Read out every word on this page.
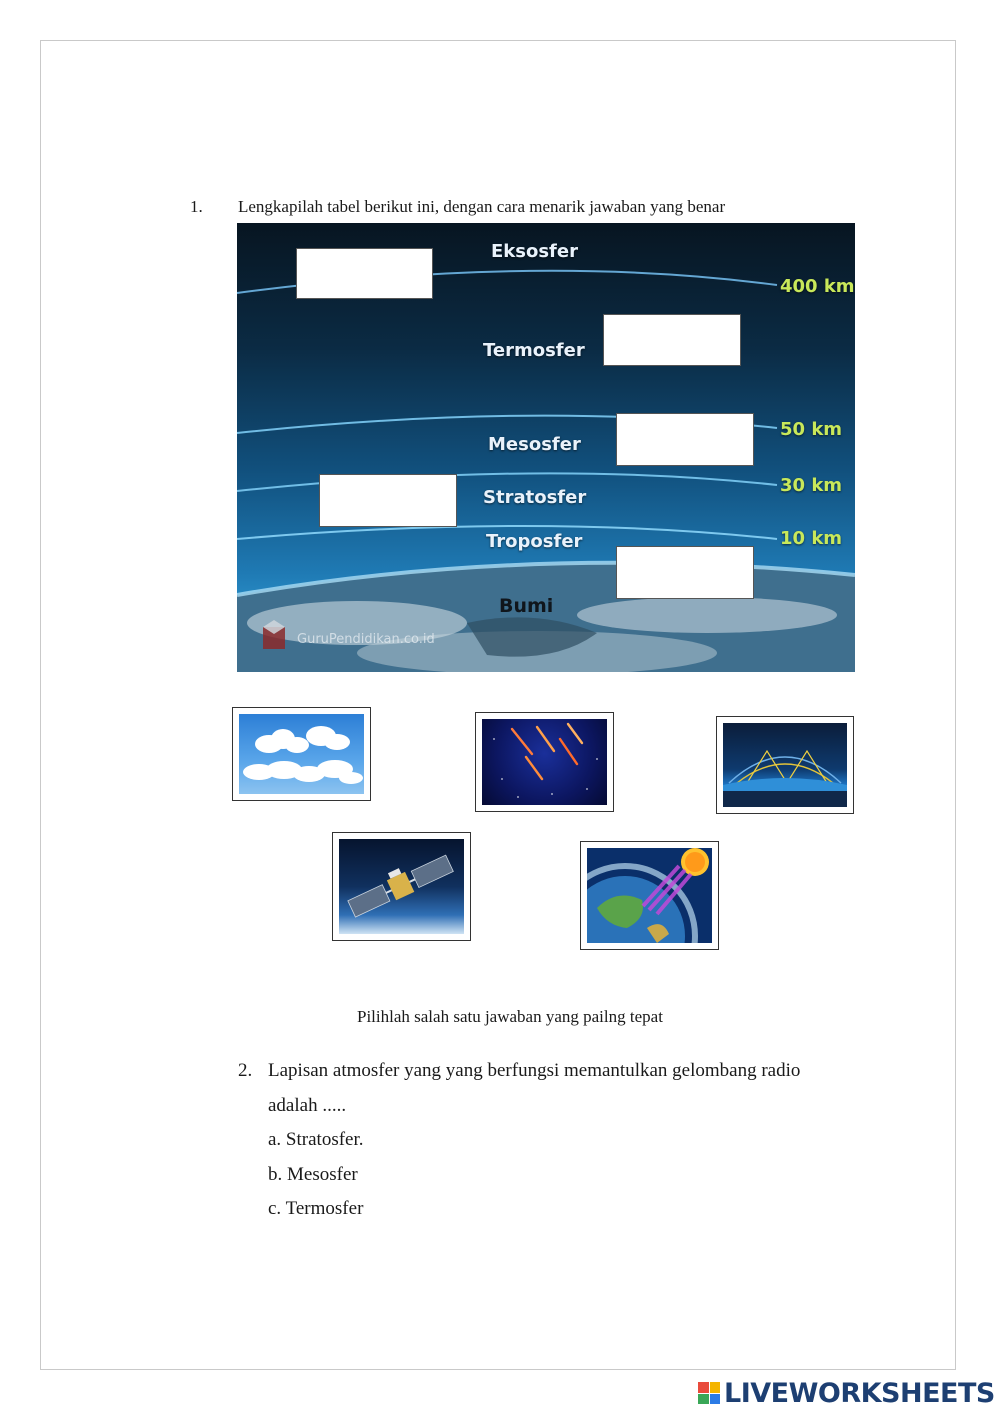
1. Lengkapilah tabel berikut ini, dengan cara menarik jawaban yang benar
Eksosfer
Termosfer
Mesosfer
Stratosfer
Troposfer
Bumi
400 km
50 km
30 km
10 km
GuruPendidikan.co.id
Pilihlah salah satu jawaban yang pailng tepat
2. Lapisan atmosfer yang yang berfungsi memantulkan gelombang radio
adalah .....
a. Stratosfer.
b. Mesosfer
c. Termosfer
LIVEWORKSHEETS
